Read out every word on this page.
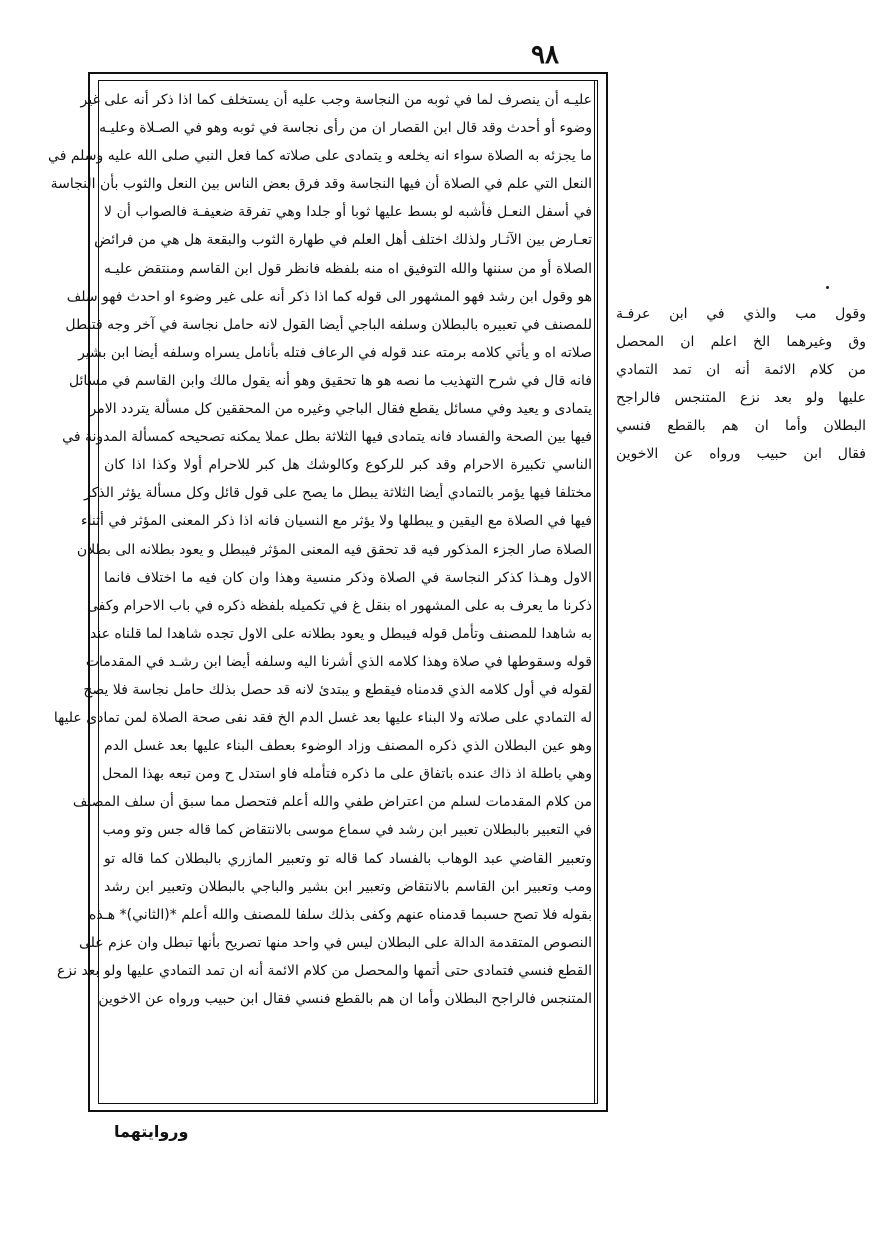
٩٨
عليـه أن ينصرف لما في ثوبه من النجاسة وجب عليه أن يستخلف كما اذا ذكر أنه على غير
وضوء أو أحدث وقد قال ابن القصار ان من رأى نجاسة في ثوبه وهو في الصـلاة وعليـه
ما يجزئه به الصلاة سواء انه يخلعه و يتمادى على صلاته كما فعل النبي صلى الله عليه وسلم في
النعل التي علم في الصلاة أن فيها النجاسة وقد فرق بعض الناس بين النعل والثوب بأن النجاسة
في أسفل النعـل فأشبه لو بسط عليها ثوبا أو جلدا وهي تفرقة ضعيفـة فالصواب أن لا
تعـارض بين الآثـار ولذلك اختلف أهل العلم في طهارة الثوب والبقعة هل هي من فرائض
الصلاة أو من سننها والله التوفيق اه منه بلفظه فانظر قول ابن القاسم ومنتقض عليـه
هو وقول ابن رشد فهو المشهور الى قوله كما اذا ذكر أنه على غير وضوء او احدث فهو سلف
للمصنف في تعبيره بالبطلان وسلفه الباجي أيضا القول لانه حامل نجاسة في آخر وجه فتبطل
صلاته اه و يأتي كلامه برمته عند قوله في الرعاف فتله بأنامل يسراه وسلفه أيضا ابن بشير
فانه قال في شرح التهذيب ما نصه هو ها تحقيق وهو أنه يقول مالك وابن القاسم في مسائل
يتمادى و يعيد وفي مسائل يقطع فقال الباجي وغيره من المحققين كل مسألة يتردد الامر
فيها بين الصحة والفساد فانه يتمادى فيها الثلاثة بطل عملا يمكنه تصحيحه كمسألة المدونة في
الناسي تكبيرة الاحرام وقد كبر للركوع وكالوشك هل كبر للاحرام أولا وكذا اذا كان
مختلفا فيها يؤمر بالتمادي أيضا الثلاثة يبطل ما يصح على قول قائل وكل مسألة يؤثر الذكر
فيها في الصلاة مع اليقين و يبطلها ولا يؤثر مع النسيان فانه اذا ذكر المعنى المؤثر في أثناء
الصلاة صار الجزء المذكور فيه قد تحقق فيه المعنى المؤثر فيبطل و يعود بطلانه الى بطلان
الاول وهـذا كذكر النجاسة في الصلاة وذكر منسية وهذا وان كان فيه ما اختلاف فانما
ذكرنا ما يعرف به على المشهور اه بنقل غ في تكميله بلفظه ذكره في باب الاحرام وكفى
به شاهدا للمصنف وتأمل قوله فيبطل و يعود بطلانه على الاول تجده شاهدا لما قلناه عند
قوله وسقوطها في صلاة وهذا كلامه الذي أشرنا اليه وسلفه أيضا ابن رشـد في المقدمات
لقوله في أول كلامه الذي قدمناه فيقطع و يبتدئ لانه قد حصل بذلك حامل نجاسة فلا يصح
له التمادي على صلاته ولا البناء عليها بعد غسل الدم الخ فقد نفى صحة الصلاة لمن تمادى عليها
وهو عين البطلان الذي ذكره المصنف وزاد الوضوء بعطف البناء عليها بعد غسل الدم
وهي باطلة اذ ذاك عنده باتفاق على ما ذكره فتأمله فاو استدل ح ومن تبعه بهذا المحل
من كلام المقدمات لسلم من اعتراض طفي والله أعلم فتحصل مما سبق أن سلف المصنف
في التعبير بالبطلان تعبير ابن رشد في سماع موسى بالانتقاض كما قاله جس وتو ومب
وتعبير القاضي عبد الوهاب بالفساد كما قاله تو وتعبير المازري بالبطلان كما قاله تو
ومب وتعبير ابن القاسم بالانتقاض وتعبير ابن بشير والباجي بالبطلان وتعبير ابن رشد
بقوله فلا تصح حسبما قدمناه عنهم وكفى بذلك سلفا للمصنف والله أعلم *(الثاني)* هـذه
النصوص المتقدمة الدالة على البطلان ليس في واحد منها تصريح بأنها تبطل وان عزم على
القطع فنسي فتمادى حتى أتمها والمحصل من كلام الائمة أنه ان تمد التمادي عليها ولو بعد نزع
المتنجس فالراجح البطلان وأما ان هم بالقطع فنسي فقال ابن حبيب ورواه عن الاخوين
وقول مب والذي في ابن عرفـة
وق وغيرهما الخ اعلم ان المحصل
من كلام الائمة أنه ان تمد التمادي
عليها ولو بعد نزع المتنجس فالراجح
البطلان وأما ان هم بالقطع فنسي
فقال ابن حبيب ورواه عن الاخوين
وروايتهما
